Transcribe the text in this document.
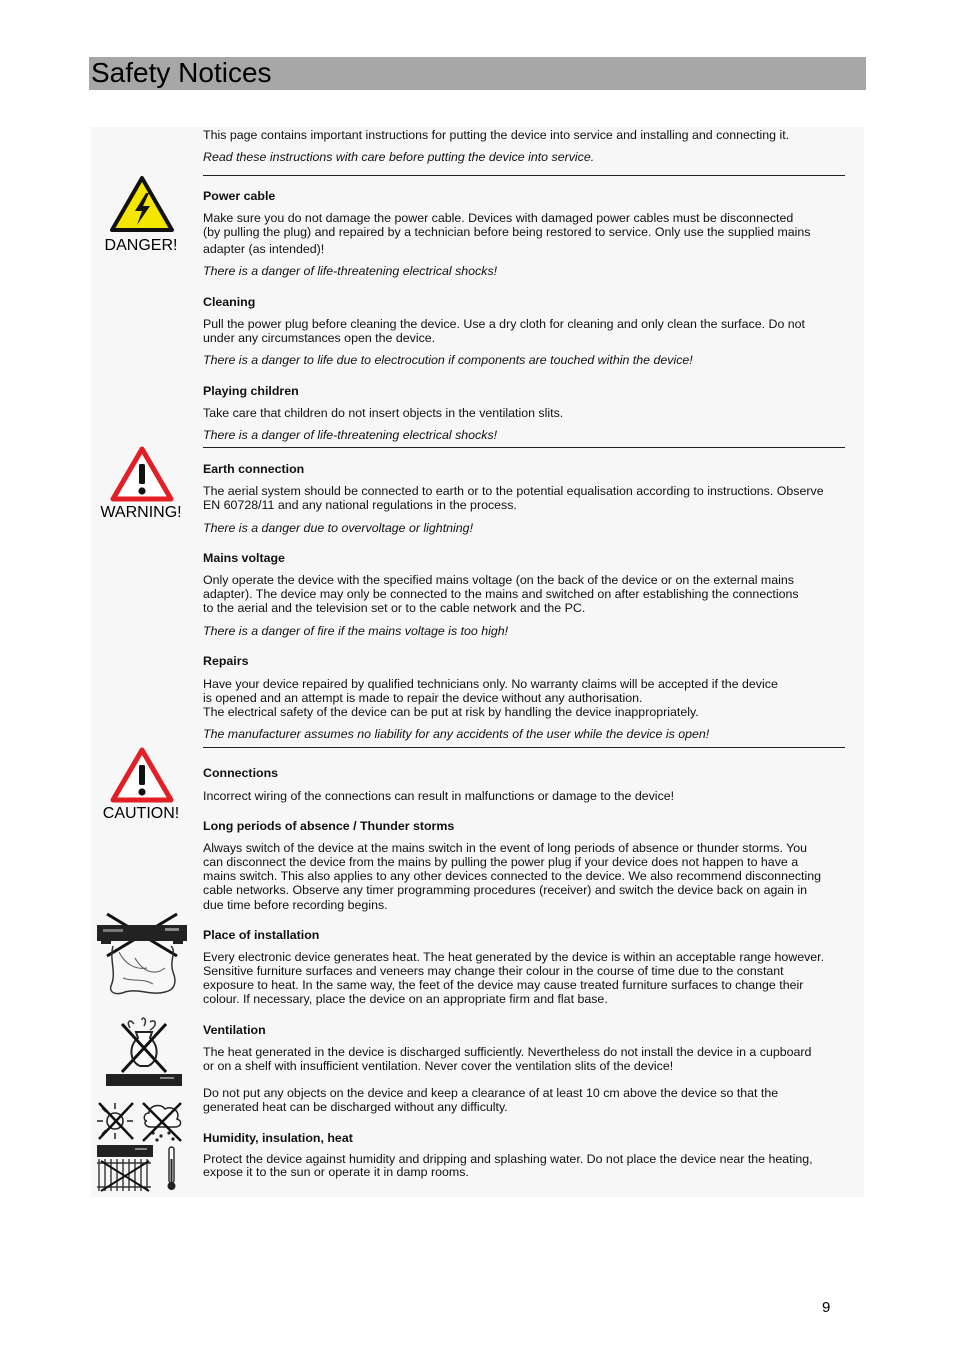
Safety Notices

This page contains important instructions for putting the device into service and installing and connecting it.

Read these instructions with care before putting the device into service.

DANGER!

Power cable

Make sure you do not damage the power cable. Devices with damaged power cables must be disconnected

(by pulling the plug) and repaired by a technician before being restored to service. Only use the supplied mains

adapter (as intended)!

There is a danger of life-threatening electrical shocks!

Cleaning

Pull the power plug before cleaning the device. Use a dry cloth for cleaning and only clean the surface. Do not

under any circumstances open the device.

There is a danger to life due to electrocution if components are touched within the device!

Playing children

Take care that children do not insert objects in the ventilation slits.

There is a danger of life-threatening electrical shocks!

WARNING!

Earth connection

The aerial system should be connected to earth or to the potential equalisation according to instructions. Observe

EN 60728/11 and any national regulations in the process.

There is a danger due to overvoltage or lightning!

Mains voltage

Only operate the device with the specified mains voltage (on the back of the device or on the external mains

adapter). The device may only be connected to the mains and switched on after establishing the connections

to the aerial and the television set or to the cable network and the PC.

There is a danger of fire if the mains voltage is too high!

Repairs

Have your device repaired by qualified technicians only. No warranty claims will be accepted if the device

is opened and an attempt is made to repair the device without any authorisation.

The electrical safety of the device can be put at risk by handling the device inappropriately.

The manufacturer assumes no liability for any accidents of the user while the device is open!

CAUTION!

Connections

Incorrect wiring of the connections can result in malfunctions or damage to the device!

Long periods of absence / Thunder storms

Always switch of the device at the mains switch in the event of long periods of absence or thunder storms. You

can disconnect the device from the mains by pulling the power plug if your device does not happen to have a

mains switch. This also applies to any other devices connected to the device. We also recommend disconnecting

cable networks. Observe any timer programming procedures (receiver) and switch the device back on again in

due time before recording begins.

Place of installation

Every electronic device generates heat. The heat generated by the device is within an acceptable range however.

Sensitive furniture surfaces and veneers may change their colour in the course of time due to the constant

exposure to heat. In the same way, the feet of the device may cause treated furniture surfaces to change their

colour. If necessary, place the device on an appropriate firm and flat base.

Ventilation

The heat generated in the device is discharged sufficiently. Nevertheless do not install the device in a cupboard

or on a shelf with insufficient ventilation. Never cover the ventilation slits of the device!

Do not put any objects on the device and keep a clearance of at least 10 cm above the device so that the

generated heat can be discharged without any difficulty.

Humidity, insulation, heat

Protect the device against humidity and dripping and splashing water. Do not place the device near the heating,

expose it to the sun or operate it in damp rooms.

9
